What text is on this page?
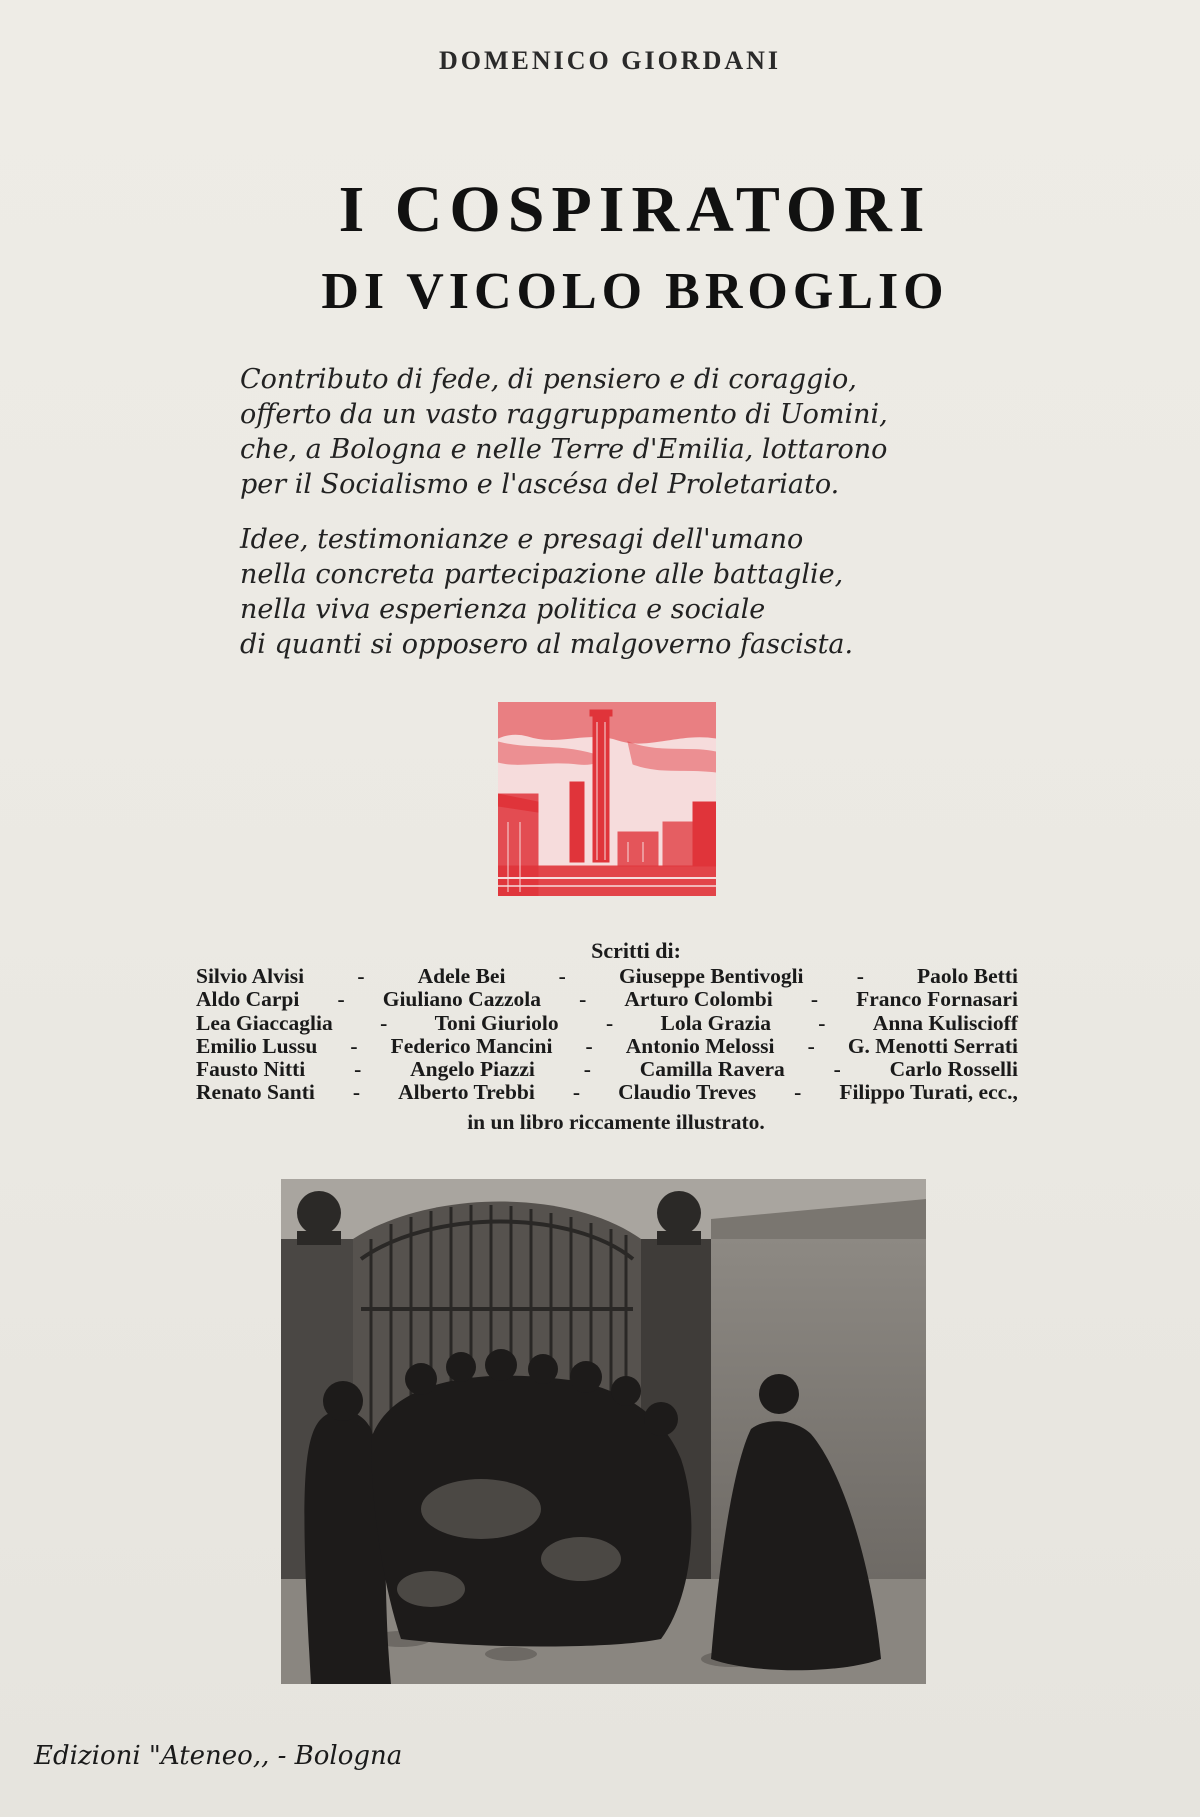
DOMENICO GIORDANI
I COSPIRATORI
DI VICOLO BROGLIO
Contributo di fede, di pensiero e di coraggio,
offerto da un vasto raggruppamento di Uomini,
che, a Bologna e nelle Terre d'Emilia, lottarono
per il Socialismo e l'ascésa del Proletariato.
Idee, testimonianze e presagi dell'umano
nella concreta partecipazione alle battaglie,
nella viva esperienza politica e sociale
di quanti si opposero al malgoverno fascista.
Scritti di:
Silvio Alvisi - Adele Bei - Giuseppe Bentivogli - Paolo Betti
Aldo Carpi - Giuliano Cazzola - Arturo Colombi - Franco Fornasari
Lea Giaccaglia - Toni Giuriolo - Lola Grazia - Anna Kuliscioff
Emilio Lussu - Federico Mancini - Antonio Melossi - G. Menotti Serrati
Fausto Nitti - Angelo Piazzi - Camilla Ravera - Carlo Rosselli
Renato Santi - Alberto Trebbi - Claudio Treves - Filippo Turati, ecc.,
in un libro riccamente illustrato.
Edizioni "Ateneo,, - Bologna
